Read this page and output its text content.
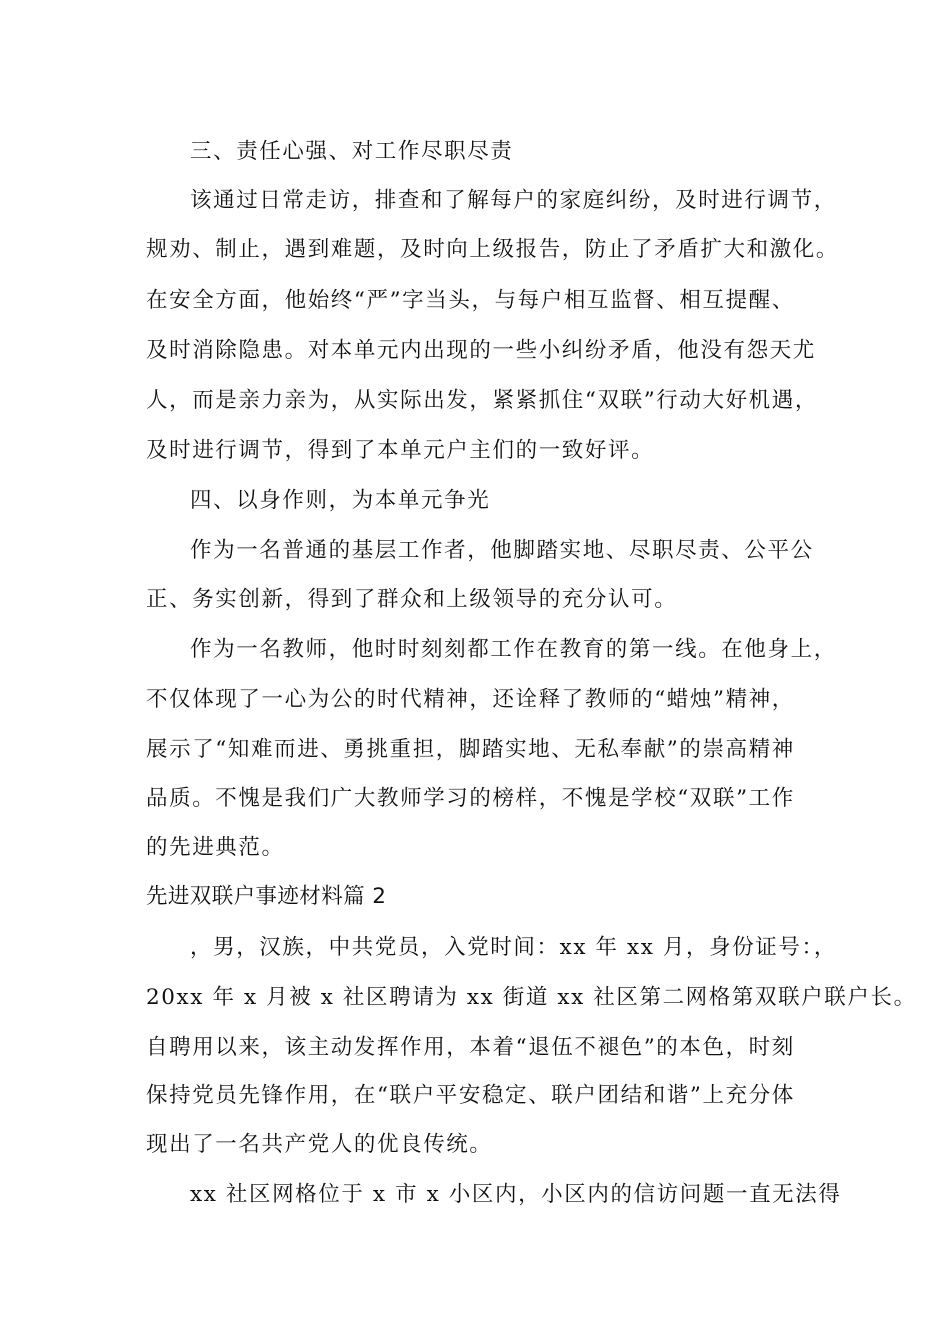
三、责任心强、对工作尽职尽责
该通过日常走访，排查和了解每户的家庭纠纷，及时进行调节，
规劝、制止，遇到难题，及时向上级报告，防止了矛盾扩大和激化。
在安全方面，他始终“严”字当头，与每户相互监督、相互提醒、
及时消除隐患。对本单元内出现的一些小纠纷矛盾，他没有怨天尤
人，而是亲力亲为，从实际出发，紧紧抓住“双联”行动大好机遇，
及时进行调节，得到了本单元户主们的一致好评。
四、以身作则，为本单元争光
作为一名普通的基层工作者，他脚踏实地、尽职尽责、公平公
正、务实创新，得到了群众和上级领导的充分认可。
作为一名教师，他时时刻刻都工作在教育的第一线。在他身上，
不仅体现了一心为公的时代精神，还诠释了教师的“蜡烛”精神，
展示了“知难而进、勇挑重担，脚踏实地、无私奉献”的崇高精神
品质。不愧是我们广大教师学习的榜样，不愧是学校“双联”工作
的先进典范。
先进双联户事迹材料篇 2
，男，汉族，中共党员，入党时间：xx 年 xx 月，身份证号：，
20xx 年 x 月被 x 社区聘请为 xx 街道 xx 社区第二网格第双联户联户长。
自聘用以来，该主动发挥作用，本着“退伍不褪色”的本色，时刻
保持党员先锋作用，在“联户平安稳定、联户团结和谐”上充分体
现出了一名共产党人的优良传统。
xx 社区网格位于 x 市 x 小区内，小区内的信访问题一直无法得
